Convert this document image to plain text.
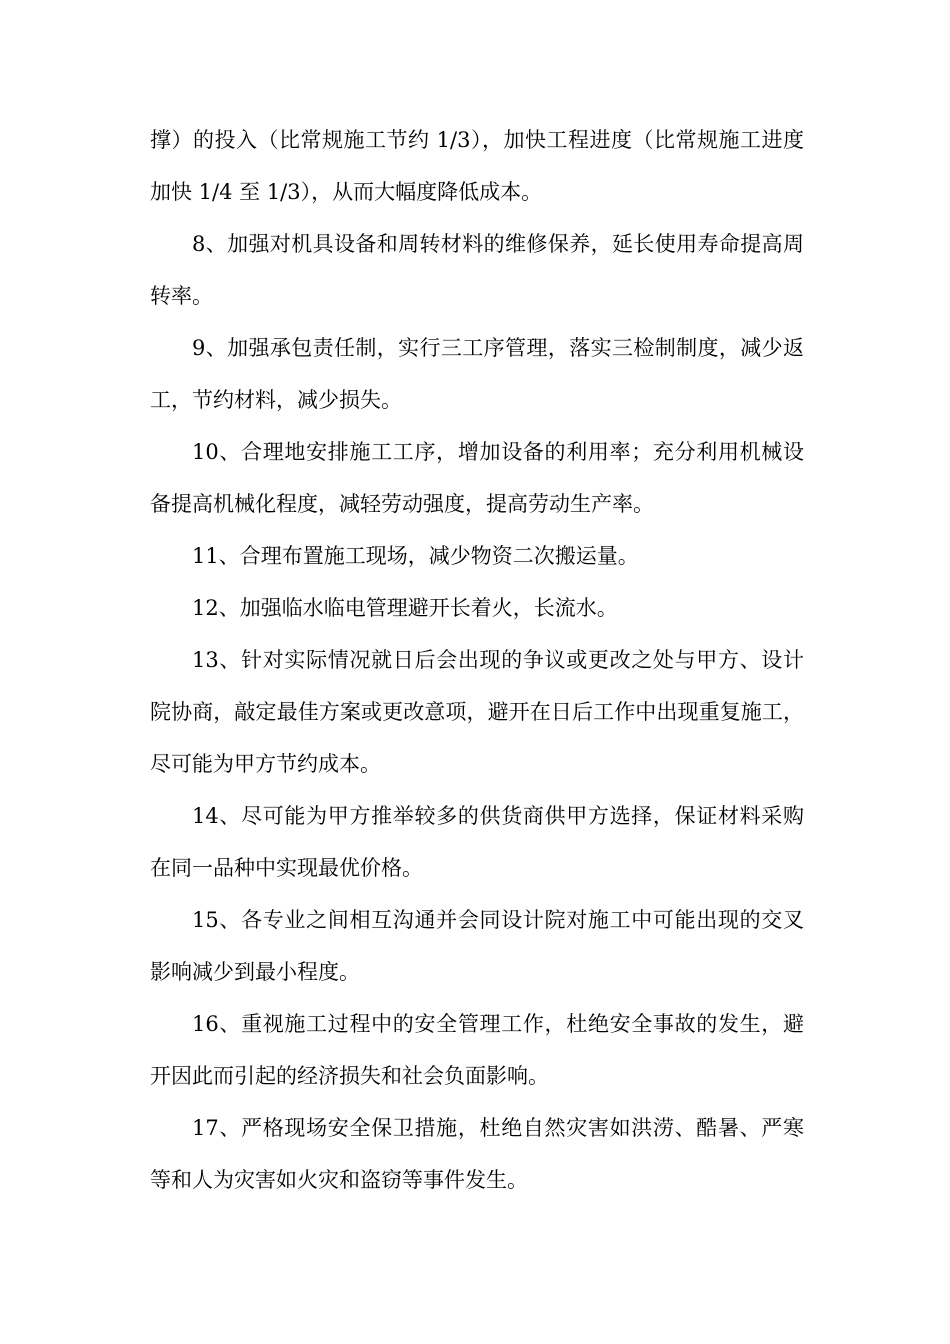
撑）的投入（比常规施工节约 1/3），加快工程进度（比常规施工进度加快 1/4 至 1/3），从而大幅度降低成本。

8、加强对机具设备和周转材料的维修保养，延长使用寿命提高周转率。

9、加强承包责任制，实行三工序管理，落实三检制制度，减少返工，节约材料，减少损失。

10、合理地安排施工工序，增加设备的利用率；充分利用机械设备提高机械化程度，减轻劳动强度，提高劳动生产率。

11、合理布置施工现场，减少物资二次搬运量。

12、加强临水临电管理避开长着火，长流水。

13、针对实际情况就日后会出现的争议或更改之处与甲方、设计院协商，敲定最佳方案或更改意项，避开在日后工作中出现重复施工，尽可能为甲方节约成本。

14、尽可能为甲方推举较多的供货商供甲方选择，保证材料采购在同一品种中实现最优价格。

15、各专业之间相互沟通并会同设计院对施工中可能出现的交叉影响减少到最小程度。

16、重视施工过程中的安全管理工作，杜绝安全事故的发生，避开因此而引起的经济损失和社会负面影响。

17、严格现场安全保卫措施，杜绝自然灾害如洪涝、酷暑、严寒等和人为灾害如火灾和盗窃等事件发生。
